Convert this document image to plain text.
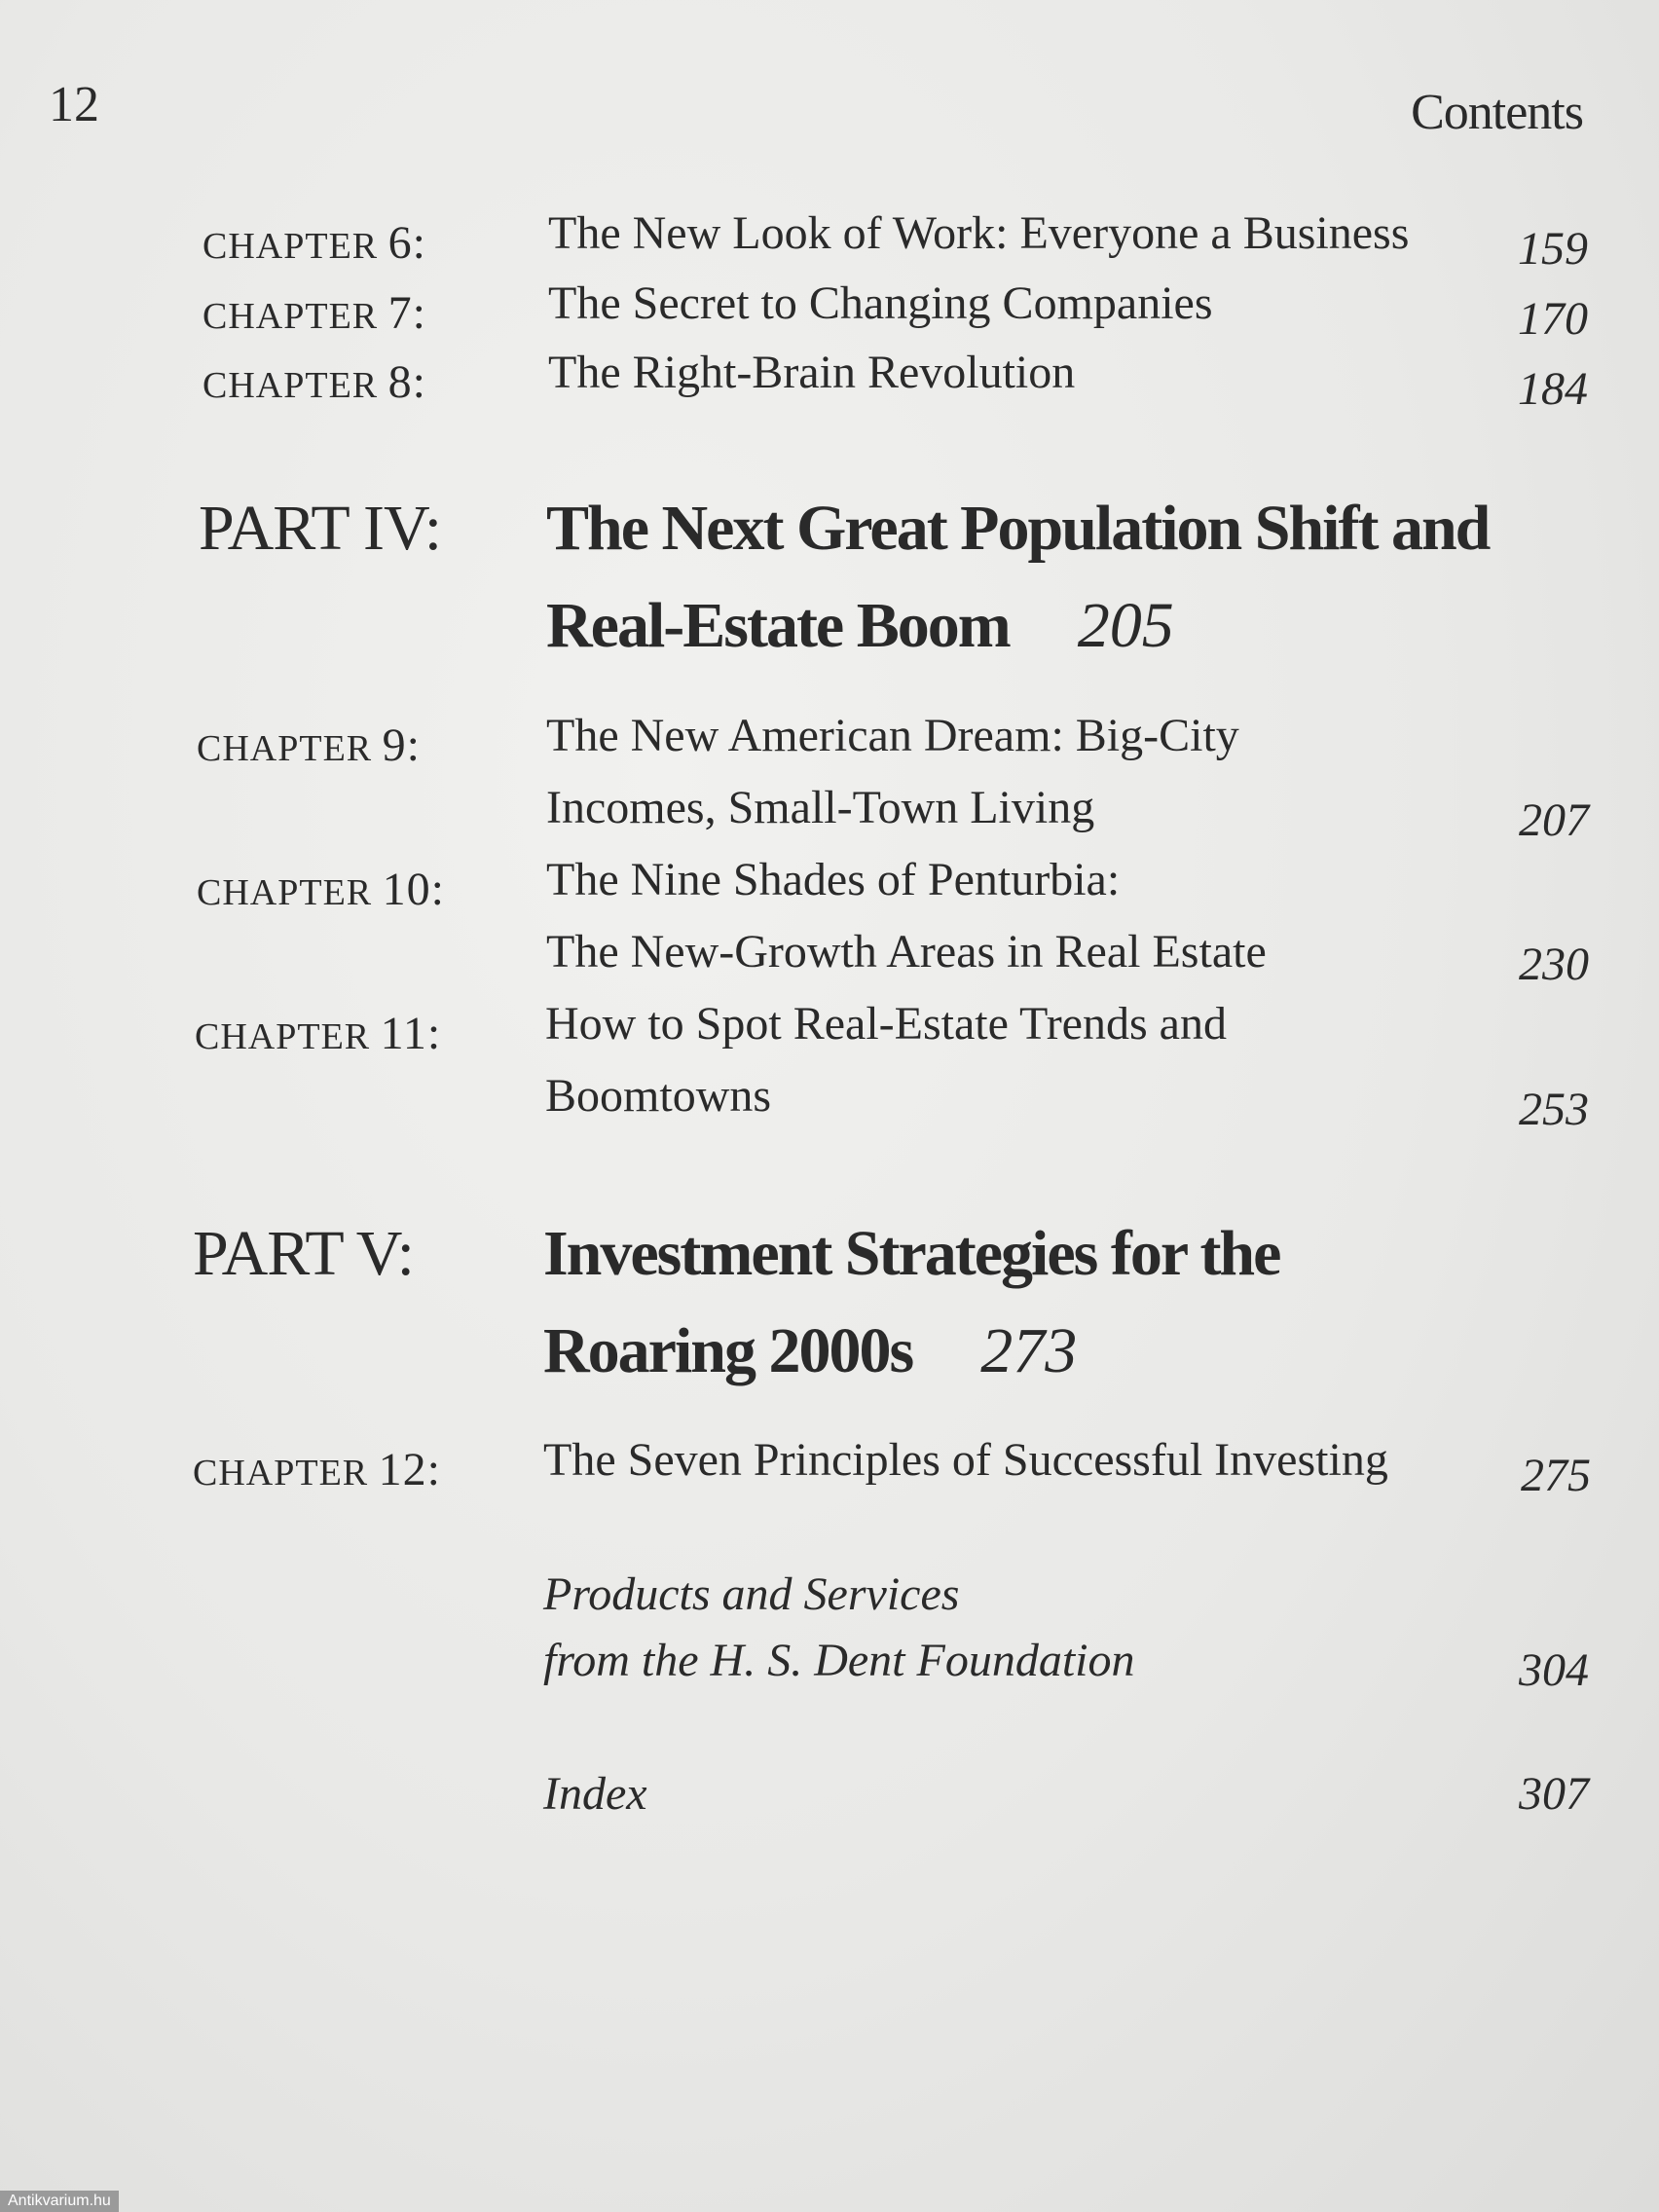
12	Contents
CHAPTER 6:	The New Look of Work: Everyone a Business	159
CHAPTER 7:	The Secret to Changing Companies	170
CHAPTER 8:	The Right-Brain Revolution	184
PART IV: The Next Great Population Shift and
Real-Estate Boom 205
CHAPTER 9:	The New American Dream: Big-City
Incomes, Small-Town Living	207
CHAPTER 10: The Nine Shades of Penturbia:
The New-Growth Areas in Real Estate	230
CHAPTER 11: How to Spot Real-Estate Trends and
Boomtowns	253
PART V: Investment Strategies for the
Roaring 2000s 273
CHAPTER 12: The Seven Principles of Successful Investing	275
Products and Services
from the H. S. Dent Foundation	304
Index	307
Antikvarium.hu
